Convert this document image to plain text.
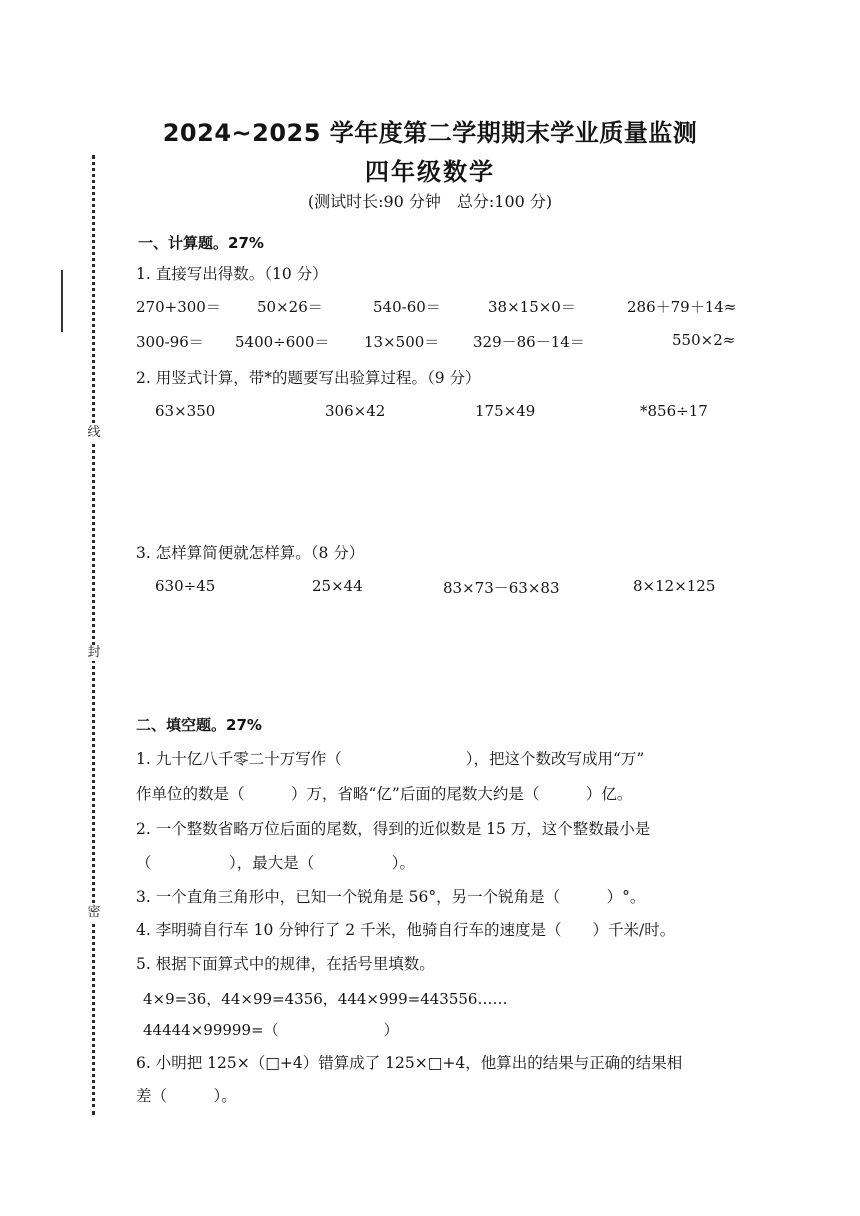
线
封
密
2024~2025 学年度第二学期期末学业质量监测
四年级数学
(测试时长:90 分钟　总分:100 分)
一、计算题。27%
1. 直接写出得数。（10 分）
270+300＝ 50×26＝	540-60＝	38×15×0＝	286＋79＋14≈
300-96＝ 5400÷600＝ 13×500＝ 329－86－14＝	550×2≈
2. 用竖式计算，带*的题要写出验算过程。（9 分）
63×350	306×42	175×49	*856÷17
3. 怎样算简便就怎样算。（8 分）
630÷45	25×44	83×73－63×83	8×12×125
二、填空题。27%
1. 九十亿八千零二十万写作（　　　　　　　　），把这个数改写成用“万”
作单位的数是（　　　）万，省略“亿”后面的尾数大约是（　　　）亿。
2. 一个整数省略万位后面的尾数，得到的近似数是 15 万，这个整数最小是
（　　　　　），最大是（　　　　　）。
3. 一个直角三角形中，已知一个锐角是 56°，另一个锐角是（　　　）°。
4. 李明骑自行车 10 分钟行了 2 千米，他骑自行车的速度是（　　）千米/时。
5. 根据下面算式中的规律，在括号里填数。
4×9=36，44×99=4356，444×999=443556……
44444×99999=（　　　　　　　）
6. 小明把 125×（□+4）错算成了 125×□+4，他算出的结果与正确的结果相
差（　　　）。
